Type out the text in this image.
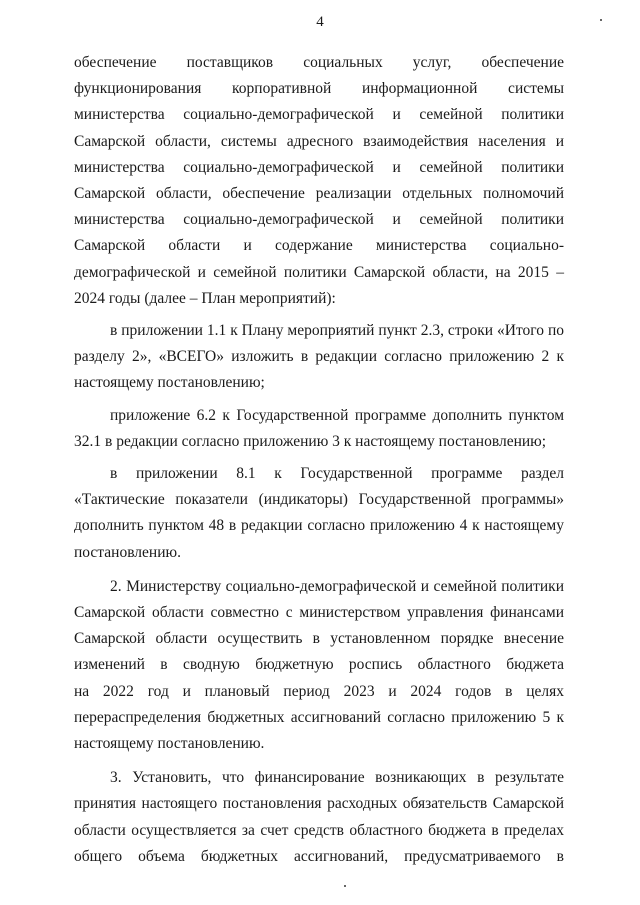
4

обеспечение поставщиков социальных услуг, обеспечение
функционирования корпоративной информационной системы
министерства социально-демографической и семейной политики
Самарской области, системы адресного взаимодействия населения и
министерства социально-демографической и семейной политики
Самарской области, обеспечение реализации отдельных полномочий
министерства социально-демографической и семейной политики
Самарской области и содержание министерства социально-
демографической и семейной политики Самарской области, на 2015 –
2024 годы (далее – План мероприятий):

в приложении 1.1 к Плану мероприятий пункт 2.3, строки «Итого по
разделу 2», «ВСЕГО» изложить в редакции согласно приложению 2 к
настоящему постановлению;

приложение 6.2 к Государственной программе дополнить пунктом
32.1 в редакции согласно приложению 3 к настоящему постановлению;

в приложении 8.1 к Государственной программе раздел
«Тактические показатели (индикаторы) Государственной программы»
дополнить пунктом 48 в редакции согласно приложению 4 к настоящему
постановлению.

2. Министерству социально-демографической и семейной политики
Самарской области совместно с министерством управления финансами
Самарской области осуществить в установленном порядке внесение
изменений в сводную бюджетную роспись областного бюджета
на 2022 год и плановый период 2023 и 2024 годов в целях
перераспределения бюджетных ассигнований согласно приложению 5 к
настоящему постановлению.

3. Установить, что финансирование возникающих в результате
принятия настоящего постановления расходных обязательств Самарской
области осуществляется за счет средств областного бюджета в пределах
общего объема бюджетных ассигнований, предусматриваемого в
